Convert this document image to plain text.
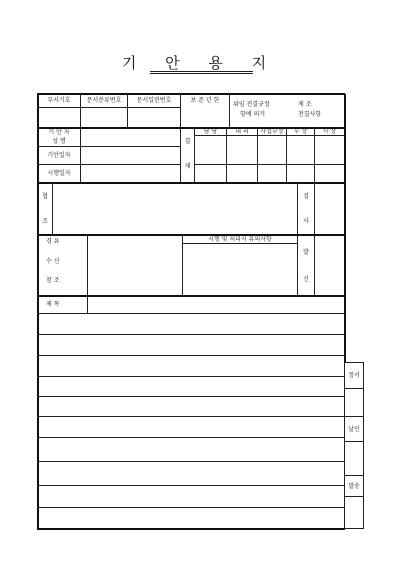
기 안 용 지
부서기호	문서분류번호	문서일련번호	보 존 년 한
위임 전결규정	제 조
항에 의거	전결사항
기 안 자
성 명
기안일자
시행일자
결
재
담 당	대 리	사업부장	부 장	사 장
협
조
검
사
경 유
수 신
참 조
시행 및 처리시 유의사항
발
신
제 목
정서
날인
발송
